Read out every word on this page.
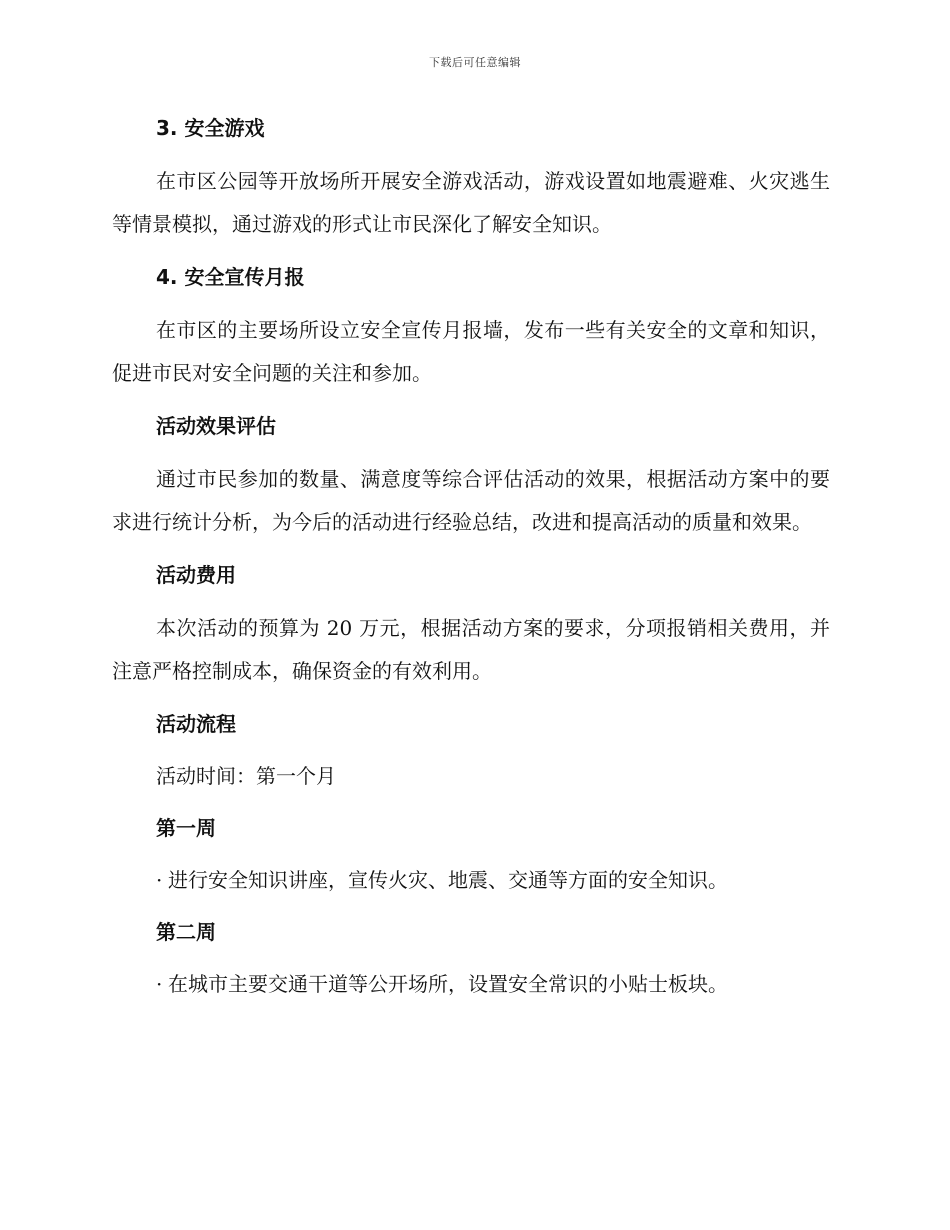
下载后可任意编辑
3. 安全游戏

在市区公园等开放场所开展安全游戏活动，游戏设置如地震避难、火灾逃生等情景模拟，通过游戏的形式让市民深化了解安全知识。

4. 安全宣传月报

在市区的主要场所设立安全宣传月报墙，发布一些有关安全的文章和知识，促进市民对安全问题的关注和参加。

活动效果评估

通过市民参加的数量、满意度等综合评估活动的效果，根据活动方案中的要求进行统计分析，为今后的活动进行经验总结，改进和提高活动的质量和效果。

活动费用

本次活动的预算为 20 万元，根据活动方案的要求，分项报销相关费用，并注意严格控制成本，确保资金的有效利用。

活动流程

活动时间：第一个月

第一周

· 进行安全知识讲座，宣传火灾、地震、交通等方面的安全知识。

第二周

· 在城市主要交通干道等公开场所，设置安全常识的小贴士板块。
